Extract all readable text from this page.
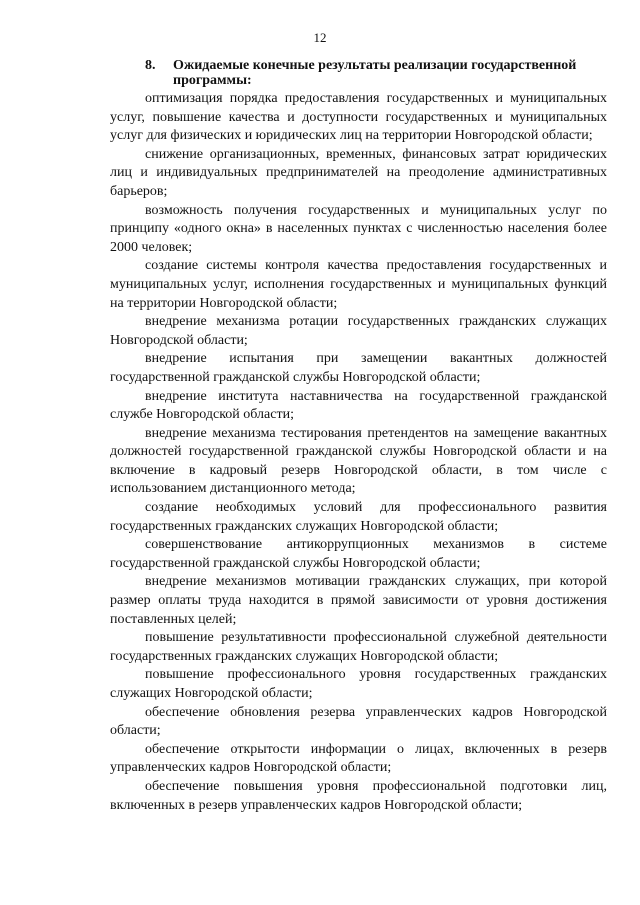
12
8.	Ожидаемые конечные результаты реализации государственной программы:

оптимизация порядка предоставления государственных и муниципальных услуг, повышение качества и доступности государственных и муниципальных услуг для физических и юридических лиц на территории Новгородской области;

снижение организационных, временных, финансовых затрат юридических лиц и индивидуальных предпринимателей на преодоление административных барьеров;

возможность получения государственных и муниципальных услуг по принципу «одного окна» в населенных пунктах с численностью населения более 2000 человек;

создание системы контроля качества предоставления государственных и муниципальных услуг, исполнения государственных и муниципальных функций на территории Новгородской области;

внедрение механизма ротации государственных гражданских служащих Новгородской области;

внедрение испытания при замещении вакантных должностей государственной гражданской службы Новгородской области;

внедрение института наставничества на государственной гражданской службе Новгородской области;

внедрение механизма тестирования претендентов на замещение вакантных должностей государственной гражданской службы Новгородской области и на включение в кадровый резерв Новгородской области, в том числе с использованием дистанционного метода;

создание необходимых условий для профессионального развития государственных гражданских служащих Новгородской области;

совершенствование антикоррупционных механизмов в системе государственной гражданской службы Новгородской области;

внедрение механизмов мотивации гражданских служащих, при которой размер оплаты труда находится в прямой зависимости от уровня достижения поставленных целей;

повышение результативности профессиональной служебной деятельности государственных гражданских служащих Новгородской области;

повышение профессионального уровня государственных гражданских служащих Новгородской области;

обеспечение обновления резерва управленческих кадров Новгородской области;

обеспечение открытости информации о лицах, включенных в резерв управленческих кадров Новгородской области;

обеспечение повышения уровня профессиональной подготовки лиц, включенных в резерв управленческих кадров Новгородской области;
